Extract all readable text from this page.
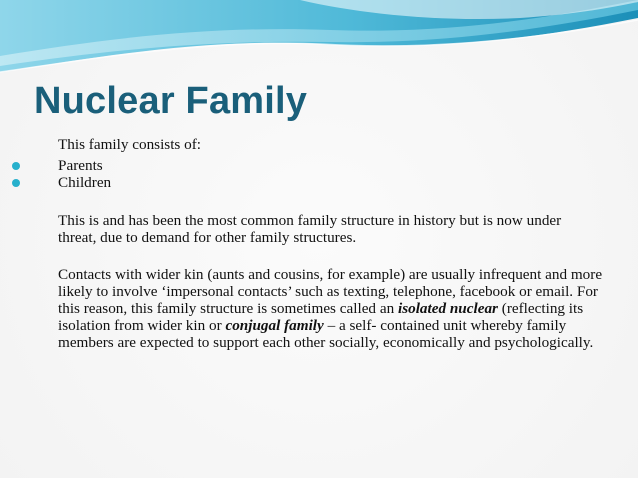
Nuclear Family

This family consists of:

Parents

Children

This is and has been the most common family structure in history but is now under threat, due to demand for other family structures.

Contacts with wider kin (aunts and cousins, for example) are usually infrequent and more likely to involve ‘impersonal contacts’ such as texting, telephone, facebook or email. For this reason, this family structure is sometimes called an isolated nuclear (reflecting its isolation from wider kin or conjugal family – a self- contained unit whereby family members are expected to support each other socially, economically and psychologically.
